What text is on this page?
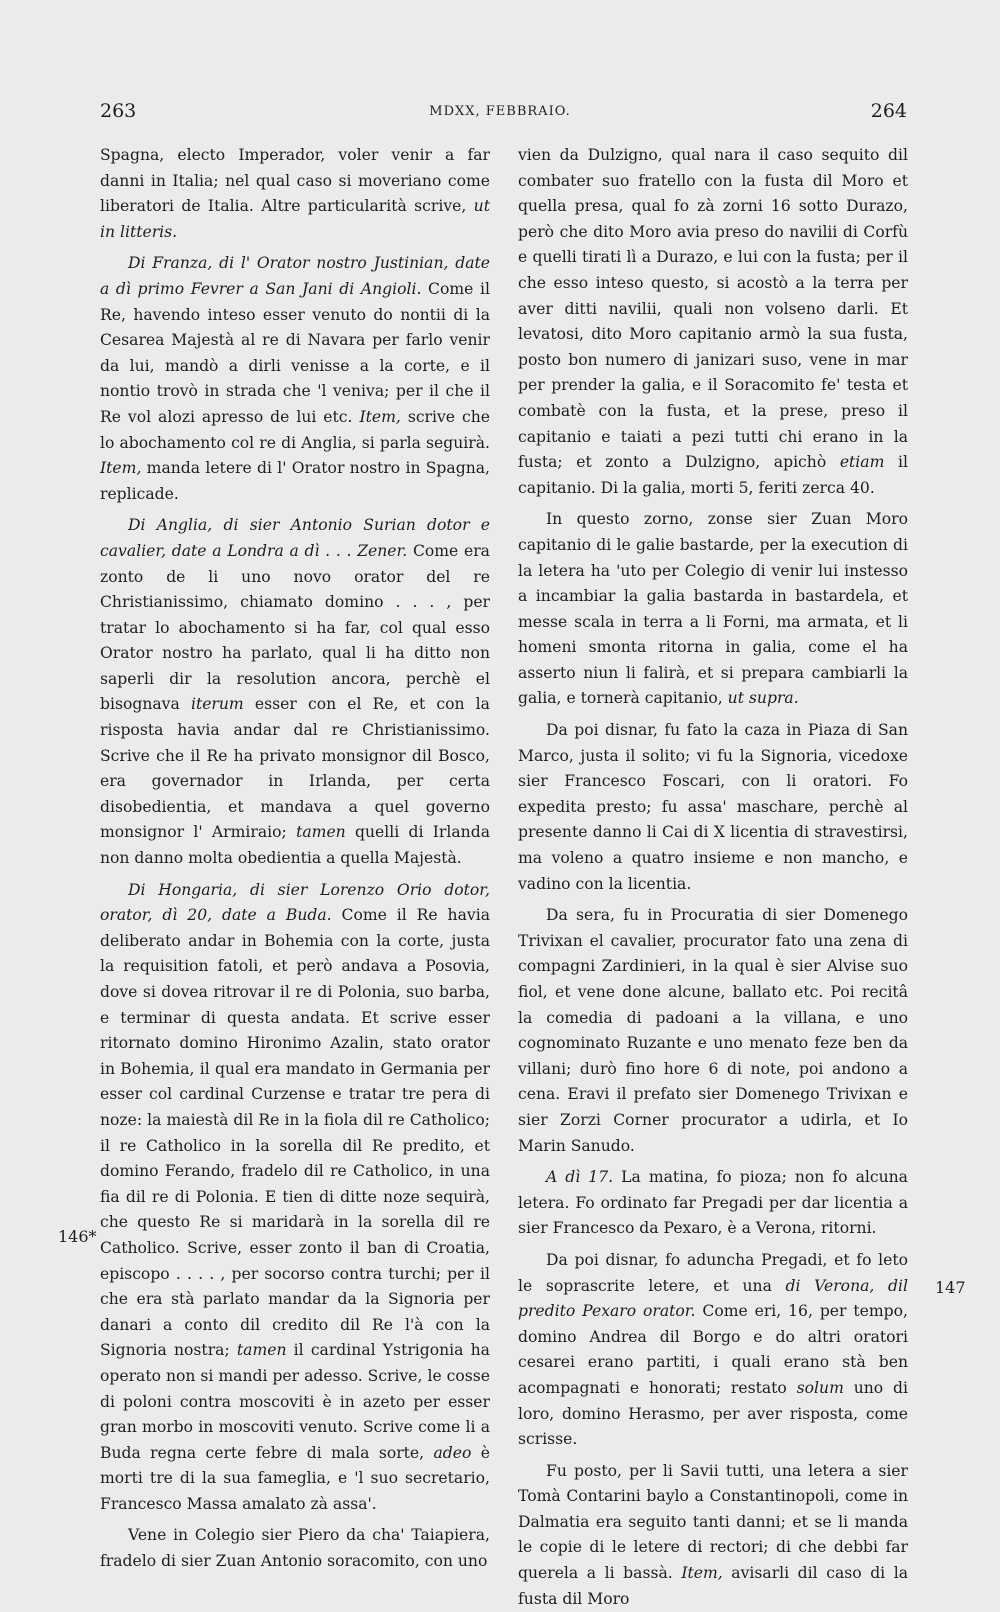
263	MDXX, FEBBRAIO.	264
146*
147

Spagna, electo Imperador, voler venir a far danni in Italia; nel qual caso si moveriano come liberatori de Italia. Altre particularità scrive, ut in litteris.

Di Franza, di l' Orator nostro Justinian, date a dì primo Fevrer a San Jani di Angioli. Come il Re, havendo inteso esser venuto do nontii di la Cesarea Majestà al re di Navara per farlo venir da lui, mandò a dirli venisse a la corte, e il nontio trovò in strada che 'l veniva; per il che il Re vol alozi apresso de lui etc. Item, scrive che lo abochamento col re di Anglia, si parla seguirà. Item, manda letere di l' Orator nostro in Spagna, replicade.

Di Anglia, di sier Antonio Surian dotor e cavalier, date a Londra a dì . . . Zener. Come era zonto de li uno novo orator del re Christianissimo, chiamato domino . . . , per tratar lo abochamento si ha far, col qual esso Orator nostro ha parlato, qual li ha ditto non saperli dir la resolution ancora, perchè el bisognava iterum esser con el Re, et con la risposta havia andar dal re Christianissimo. Scrive che il Re ha privato monsignor dil Bosco, era governador in Irlanda, per certa disobedientia, et mandava a quel governo monsignor l' Armiraio; tamen quelli di Irlanda non danno molta obedientia a quella Majestà.

Di Hongaria, di sier Lorenzo Orio dotor, orator, dì 20, date a Buda. Come il Re havia deliberato andar in Bohemia con la corte, justa la requisition fatoli, et però andava a Posovia, dove si dovea ritrovar il re di Polonia, suo barba, e terminar di questa andata. Et scrive esser ritornato domino Hironimo Azalin, stato orator in Bohemia, il qual era mandato in Germania per esser col cardinal Curzense e tratar tre pera di noze: la maiestà dil Re in la fiola dil re Catholico; il re Catholico in la sorella dil Re predito, et domino Ferando, fradelo dil re Catholico, in una fia dil re di Polonia. E tien di ditte noze sequirà, che questo Re si maridarà in la sorella dil re Catholico. Scrive, esser zonto il ban di Croatia, episcopo . . . . , per socorso contra turchi; per il che era stà parlato mandar da la Signoria per danari a conto dil credito dil Re l'à con la Signoria nostra; tamen il cardinal Ystrigonia ha operato non si mandi per adesso. Scrive, le cosse di poloni contra moscoviti è in azeto per esser gran morbo in moscoviti venuto. Scrive come li a Buda regna certe febre di mala sorte, adeo è morti tre di la sua fameglia, e 'l suo secretario, Francesco Massa amalato zà assa'.

Vene in Colegio sier Piero da cha' Taiapiera, fradelo di sier Zuan Antonio soracomito, con uno

vien da Dulzigno, qual nara il caso sequito dil combater suo fratello con la fusta dil Moro et quella presa, qual fo zà zorni 16 sotto Durazo, però che dito Moro avia preso do navilii di Corfù e quelli tirati lì a Durazo, e lui con la fusta; per il che esso inteso questo, si acostò a la terra per aver ditti navilii, quali non volseno darli. Et levatosi, dito Moro capitanio armò la sua fusta, posto bon numero di janizari suso, vene in mar per prender la galia, e il Soracomito fe' testa et combatè con la fusta, et la prese, preso il capitanio e taiati a pezi tutti chi erano in la fusta; et zonto a Dulzigno, apichò etiam il capitanio. Di la galia, morti 5, feriti zerca 40.

In questo zorno, zonse sier Zuan Moro capitanio di le galie bastarde, per la execution di la letera ha 'uto per Colegio di venir lui instesso a incambiar la galia bastarda in bastardela, et messe scala in terra a li Forni, ma armata, et li homeni smonta ritorna in galia, come el ha asserto niun li falirà, et si prepara cambiarli la galia, e tornerà capitanio, ut supra.

Da poi disnar, fu fato la caza in Piaza di San Marco, justa il solito; vi fu la Signoria, vicedoxe sier Francesco Foscari, con li oratori. Fo expedita presto; fu assa' maschare, perchè al presente danno li Cai di X licentia di stravestirsi, ma voleno a quatro insieme e non mancho, e vadino con la licentia.

Da sera, fu in Procuratia di sier Domenego Trivixan el cavalier, procurator fato una zena di compagni Zardinieri, in la qual è sier Alvise suo fiol, et vene done alcune, ballato etc. Poi recitâ la comedia di padoani a la villana, e uno cognominato Ruzante e uno menato feze ben da villani; durò fino hore 6 di note, poi andono a cena. Eravi il prefato sier Domenego Trivixan e sier Zorzi Corner procurator a udirla, et Io Marin Sanudo.

A dì 17. La matina, fo pioza; non fo alcuna letera. Fo ordinato far Pregadi per dar licentia a sier Francesco da Pexaro, è a Verona, ritorni.

Da poi disnar, fo aduncha Pregadi, et fo leto le soprascrite letere, et una di Verona, dil predito Pexaro orator. Come eri, 16, per tempo, domino Andrea dil Borgo e do altri oratori cesarei erano partiti, i quali erano stà ben acompagnati e honorati; restato solum uno di loro, domino Herasmo, per aver risposta, come scrisse.

Fu posto, per li Savii tutti, una letera a sier Tomà Contarini baylo a Constantinopoli, come in Dalmatia era seguito tanti danni; et se li manda le copie di le letere di rectori; di che debbi far querela a li bassà. Item, avisarli dil caso di la fusta dil Moro
